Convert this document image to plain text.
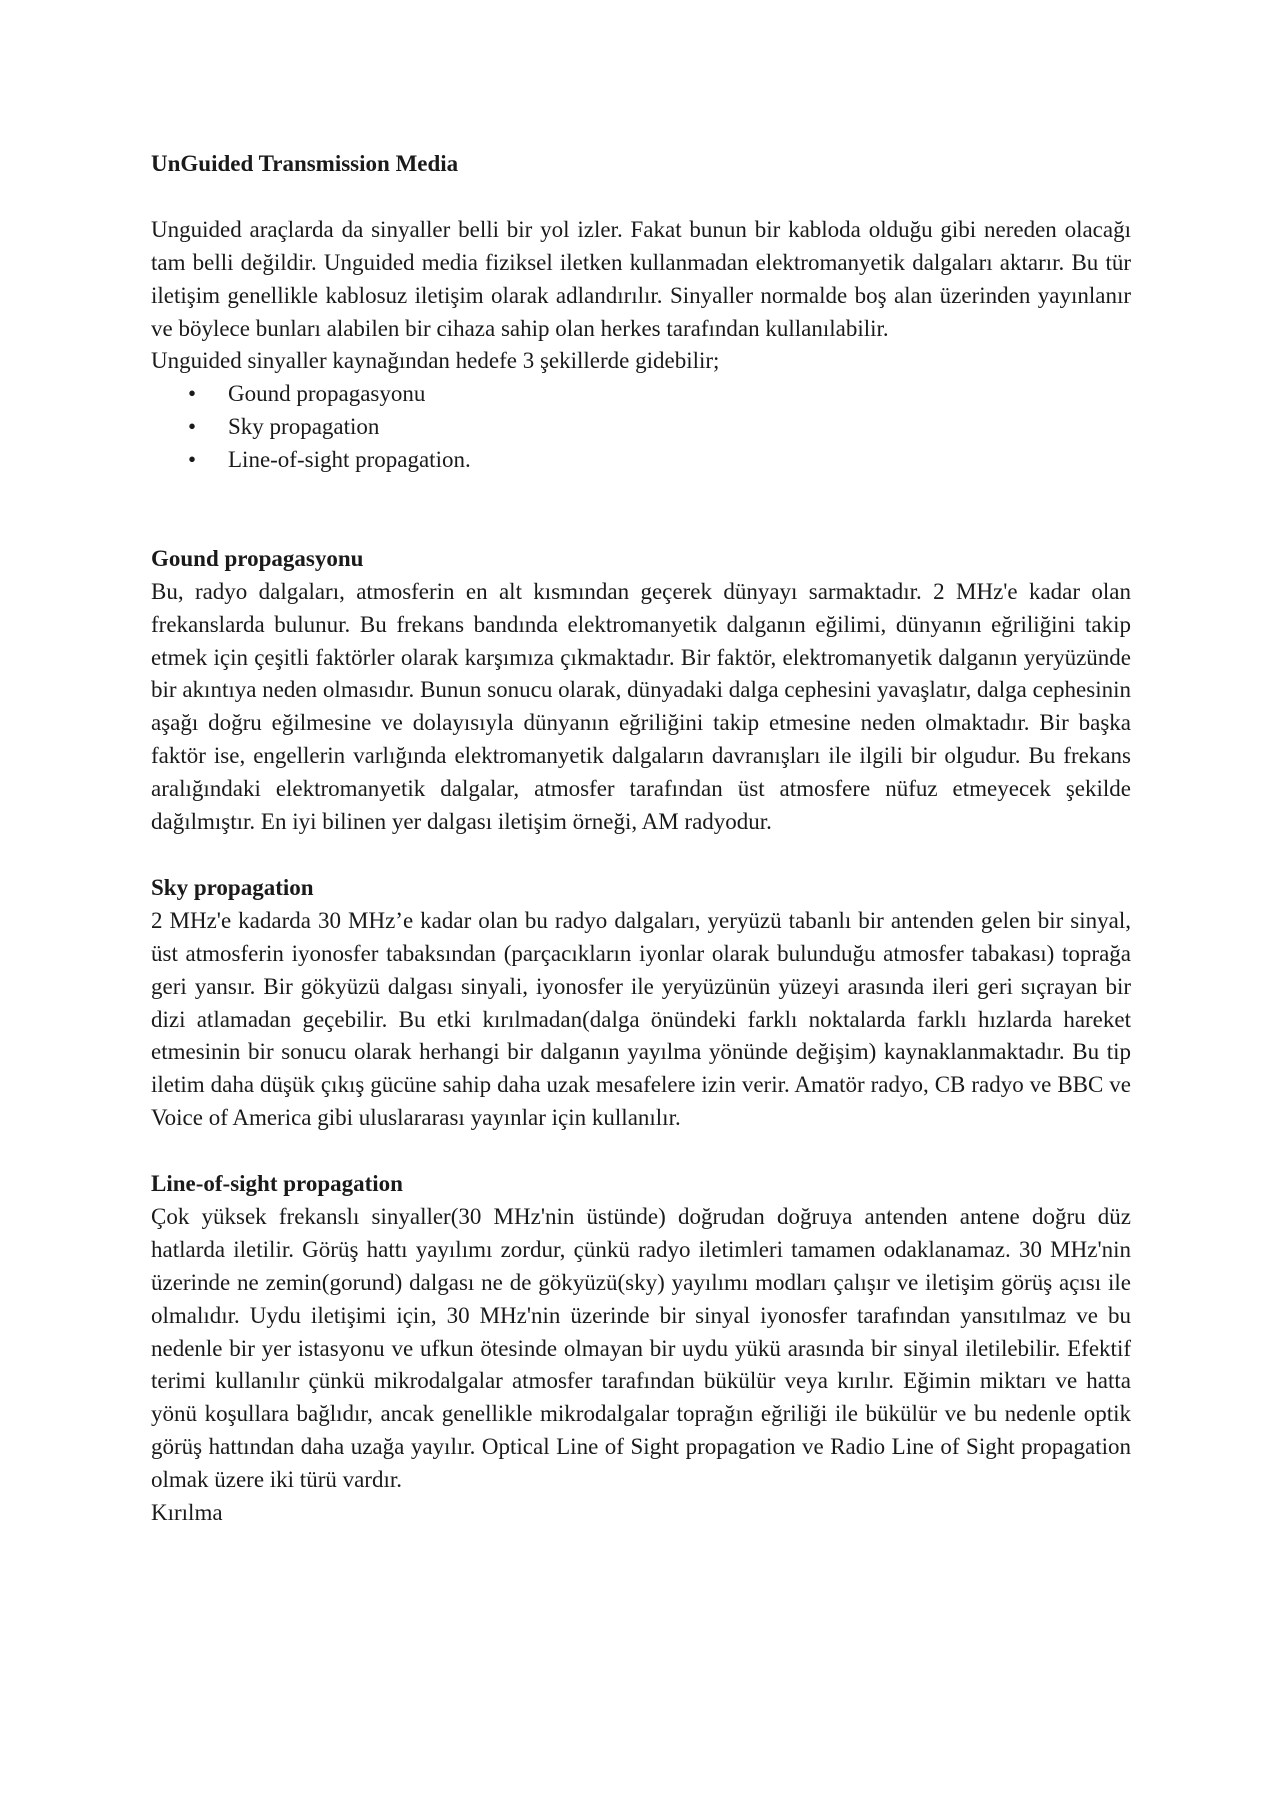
UnGuided Transmission Media

Unguided araçlarda da sinyaller belli bir yol izler. Fakat bunun bir kabloda olduğu gibi nereden olacağı tam belli değildir. Unguided media fiziksel iletken kullanmadan elektromanyetik dalgaları aktarır. Bu tür iletişim genellikle kablosuz iletişim olarak adlandırılır. Sinyaller normalde boş alan üzerinden yayınlanır ve böylece bunları alabilen bir cihaza sahip olan herkes tarafından kullanılabilir.

Unguided sinyaller kaynağından hedefe 3 şekillerde gidebilir;

• Gound propagasyonu
• Sky propagation
• Line-of-sight propagation.

Gound propagasyonu

Bu, radyo dalgaları, atmosferin en alt kısmından geçerek dünyayı sarmaktadır. 2 MHz'e kadar olan frekanslarda bulunur. Bu frekans bandında elektromanyetik dalganın eğilimi, dünyanın eğriliğini takip etmek için çeşitli faktörler olarak karşımıza çıkmaktadır. Bir faktör, elektromanyetik dalganın yeryüzünde bir akıntıya neden olmasıdır. Bunun sonucu olarak, dünyadaki dalga cephesini yavaşlatır, dalga cephesinin aşağı doğru eğilmesine ve dolayısıyla dünyanın eğriliğini takip etmesine neden olmaktadır. Bir başka faktör ise, engellerin varlığında elektromanyetik dalgaların davranışları ile ilgili bir olgudur. Bu frekans aralığındaki elektromanyetik dalgalar, atmosfer tarafından üst atmosfere nüfuz etmeyecek şekilde dağılmıştır. En iyi bilinen yer dalgası iletişim örneği, AM radyodur.

Sky propagation

2 MHz'e kadarda 30 MHz’e kadar olan bu radyo dalgaları, yeryüzü tabanlı bir antenden gelen bir sinyal, üst atmosferin iyonosfer tabaksından (parçacıkların iyonlar olarak bulunduğu atmosfer tabakası) toprağa geri yansır. Bir gökyüzü dalgası sinyali, iyonosfer ile yeryüzünün yüzeyi arasında ileri geri sıçrayan bir dizi atlamadan geçebilir. Bu etki kırılmadan(dalga önündeki farklı noktalarda farklı hızlarda hareket etmesinin bir sonucu olarak herhangi bir dalganın yayılma yönünde değişim) kaynaklanmaktadır. Bu tip iletim daha düşük çıkış gücüne sahip daha uzak mesafelere izin verir. Amatör radyo, CB radyo ve BBC ve Voice of America gibi uluslararası yayınlar için kullanılır.

Line-of-sight propagation

Çok yüksek frekanslı sinyaller(30 MHz'nin üstünde) doğrudan doğruya antenden antene doğru düz hatlarda iletilir. Görüş hattı yayılımı zordur, çünkü radyo iletimleri tamamen odaklanamaz. 30 MHz'nin üzerinde ne zemin(gorund) dalgası ne de gökyüzü(sky) yayılımı modları çalışır ve iletişim görüş açısı ile olmalıdır. Uydu iletişimi için, 30 MHz'nin üzerinde bir sinyal iyonosfer tarafından yansıtılmaz ve bu nedenle bir yer istasyonu ve ufkun ötesinde olmayan bir uydu yükü arasında bir sinyal iletilebilir. Efektif terimi kullanılır çünkü mikrodalgalar atmosfer tarafından bükülür veya kırılır. Eğimin miktarı ve hatta yönü koşullara bağlıdır, ancak genellikle mikrodalgalar toprağın eğriliği ile bükülür ve bu nedenle optik görüş hattından daha uzağa yayılır. Optical Line of Sight propagation ve Radio Line of Sight propagation olmak üzere iki türü vardır.

Kırılma
